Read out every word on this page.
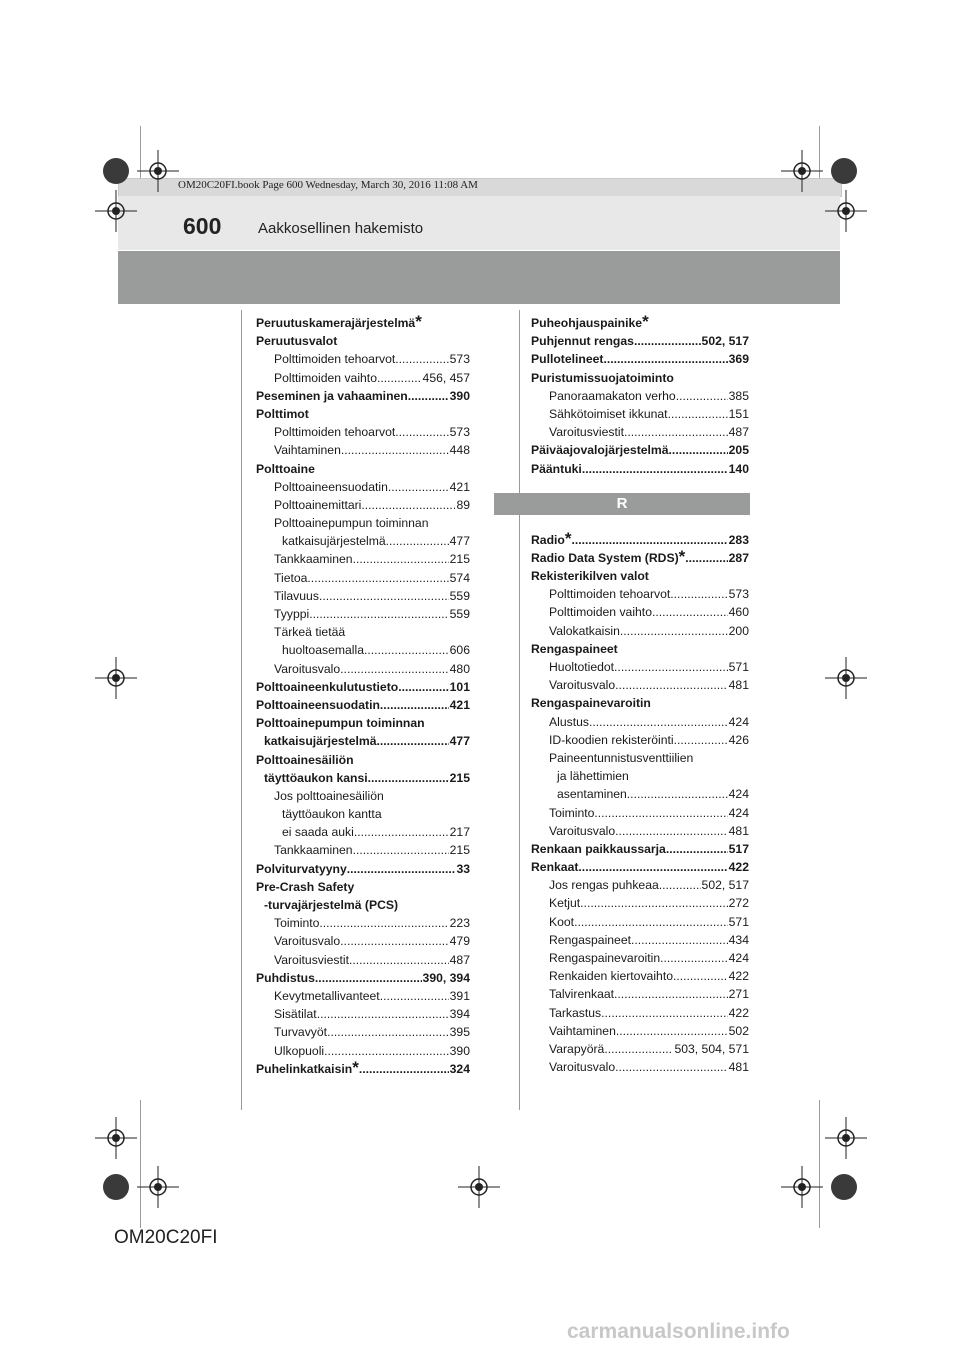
OM20C20FI.book Page 600 Wednesday, March 30, 2016 11:08 AM
600 Aakkosellinen hakemisto
Peruutuskamerajärjestelmä *
Peruutusvalot
Polttimoiden tehoarvot .....	573
Polttimoiden vaihto .....	456, 457
Peseminen ja vahaaminen .....	390
Polttimot
Polttimoiden tehoarvot .....	573
Vaihtaminen .....	448
Polttoaine
Polttoaineensuodatin .....	421
Polttoainemittari .....	89
Polttoainepumpun toiminnan
katkaisujärjestelmä .....	477
Tankkaaminen .....	215
Tietoa .....	574
Tilavuus .....	559
Tyyppi .....	559
Tärkeä tietää
huoltoasemalla .....	606
Varoitusvalo .....	480
Polttoaineenkulutustieto .....	101
Polttoaineensuodatin .....	421
Polttoainepumpun toiminnan
katkaisujärjestelmä .....	477
Polttoainesäiliön
täyttöaukon kansi .....	215
Jos polttoainesäiliön
täyttöaukon kantta
ei saada auki .....	217
Tankkaaminen .....	215
Polviturvatyyny .....	33
Pre-Crash Safety
-turvajärjestelmä (PCS)
Toiminto .....	223
Varoitusvalo .....	479
Varoitusviestit .....	487
Puhdistus .....	390, 394
Kevytmetallivanteet .....	391
Sisätilat .....	394
Turvavyöt .....	395
Ulkopuoli .....	390
Puhelinkatkaisin * .....	324
Puheohjauspainike *
Puhjennut rengas .....	502, 517
Pullotelineet .....	369
Puristumissuojatoiminto
Panoraamakaton verho .....	385
Sähkötoimiset ikkunat .....	151
Varoitusviestit .....	487
Päiväajovalojärjestelmä .....	205
Pääntuki .....	140
R
Radio * .....	283
Radio Data System (RDS) * .....	287
Rekisterikilven valot
Polttimoiden tehoarvot .....	573
Polttimoiden vaihto .....	460
Valokatkaisin .....	200
Rengaspaineet
Huoltotiedot .....	571
Varoitusvalo .....	481
Rengaspainevaroitin
Alustus .....	424
ID-koodien rekisteröinti .....	426
Paineentunnistusventtiilien
ja lähettimien
asentaminen .....	424
Toiminto .....	424
Varoitusvalo .....	481
Renkaan paikkaussarja .....	517
Renkaat .....	422
Jos rengas puhkeaa .....	502, 517
Ketjut .....	272
Koot .....	571
Rengaspaineet .....	434
Rengaspainevaroitin .....	424
Renkaiden kiertovaihto .....	422
Talvirenkaat .....	271
Tarkastus .....	422
Vaihtaminen .....	502
Varapyörä .....	503, 504, 571
Varoitusvalo .....	481
OM20C20FI
carmanualsonline.info
